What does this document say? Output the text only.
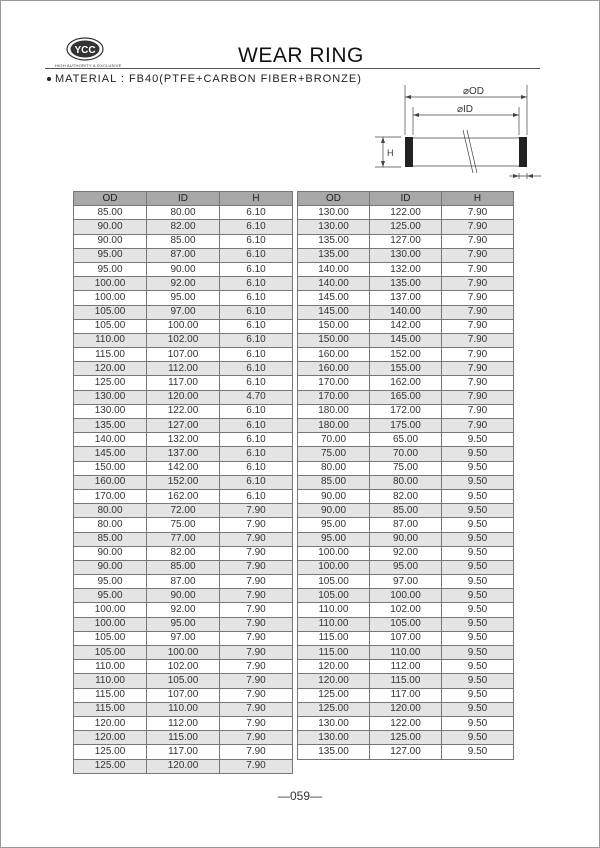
YCC
HIGH AUTHORITY & EXCLUSIVE	WEAR RING
MATERIAL : FB40(PTFE+CARBON FIBER+BRONZE)
⌀OD
⌀ID
H
OD	ID	H
85.00	80.00	6.10
90.00	82.00	6.10
90.00	85.00	6.10
95.00	87.00	6.10
95.00	90.00	6.10
100.00	92.00	6.10
100.00	95.00	6.10
105.00	97.00	6.10
105.00	100.00	6.10
110.00	102.00	6.10
115.00	107.00	6.10
120.00	112.00	6.10
125.00	117.00	6.10
130.00	120.00	4.70
130.00	122.00	6.10
135.00	127.00	6.10
140.00	132.00	6.10
145.00	137.00	6.10
150.00	142.00	6.10
160.00	152.00	6.10
170.00	162.00	6.10
80.00	72.00	7.90
80.00	75.00	7.90
85.00	77.00	7.90
90.00	82.00	7.90
90.00	85.00	7.90
95.00	87.00	7.90
95.00	90.00	7.90
100.00	92.00	7.90
100.00	95.00	7.90
105.00	97.00	7.90
105.00	100.00	7.90
110.00	102.00	7.90
110.00	105.00	7.90
115.00	107.00	7.90
115.00	110.00	7.90
120.00	112.00	7.90
120.00	115.00	7.90
125.00	117.00	7.90
125.00	120.00	7.90
OD	ID	H
130.00	122.00	7.90
130.00	125.00	7.90
135.00	127.00	7.90
135.00	130.00	7.90
140.00	132.00	7.90
140.00	135.00	7.90
145.00	137.00	7.90
145.00	140.00	7.90
150.00	142.00	7.90
150.00	145.00	7.90
160.00	152.00	7.90
160.00	155.00	7.90
170.00	162.00	7.90
170.00	165.00	7.90
180.00	172.00	7.90
180.00	175.00	7.90
70.00	65.00	9.50
75.00	70.00	9.50
80.00	75.00	9.50
85.00	80.00	9.50
90.00	82.00	9.50
90.00	85.00	9.50
95.00	87.00	9.50
95.00	90.00	9.50
100.00	92.00	9.50
100.00	95.00	9.50
105.00	97.00	9.50
105.00	100.00	9.50
110.00	102.00	9.50
110.00	105.00	9.50
115.00	107.00	9.50
115.00	110.00	9.50
120.00	112.00	9.50
120.00	115.00	9.50
125.00	117.00	9.50
125.00	120.00	9.50
130.00	122.00	9.50
130.00	125.00	9.50
135.00	127.00	9.50
—059—
